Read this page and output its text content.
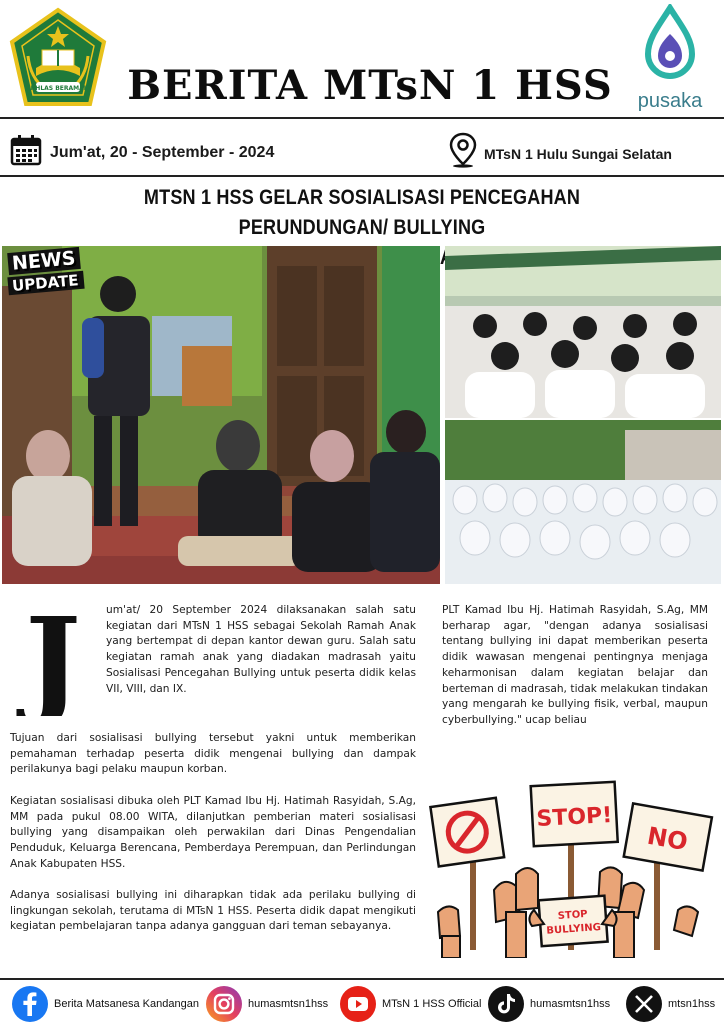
IKHLAS BERAMAL BERITA MTsN 1 HSS	pusaka
Jum'at, 20 - September - 2024	MTsN 1 Hulu Sungai Selatan
MTSN 1 HSS GELAR SOSIALISASI PENCEGAHAN PERUNDUNGAN/ BULLYING
NEWS
UPDATE
J um'at/ 20 September 2024 dilaksanakan salah satu kegiatan dari MTsN 1 HSS sebagai Sekolah Ramah Anak yang bertempat di depan kantor dewan guru. Salah satu kegiatan ramah anak yang diadakan madrasah yaitu Sosialisasi Pencegahan Bullying untuk peserta didik kelas VII, VIII, dan IX.

Tujuan dari sosialisasi bullying tersebut yakni untuk memberikan pemahaman terhadap peserta didik mengenai bullying dan dampak perilakunya bagi pelaku maupun korban.

Kegiatan sosialisasi dibuka oleh PLT Kamad Ibu Hj. Hatimah Rasyidah, S.Ag, MM pada pukul 08.00 WITA, dilanjutkan pemberian materi sosialisasi bullying yang disampaikan oleh perwakilan dari Dinas Pengendalian Penduduk, Keluarga Berencana, Pemberdaya Perempuan, dan Perlindungan Anak Kabupaten HSS.

Adanya sosialisasi bullying ini diharapkan tidak ada perilaku bullying di lingkungan sekolah, terutama di MTsN 1 HSS. Peserta didik dapat mengikuti kegiatan pembelajaran tanpa adanya gangguan dari teman sebayanya.

PLT Kamad Ibu Hj. Hatimah Rasyidah, S.Ag, MM berharap agar, "dengan adanya sosialisasi tentang bullying ini dapat memberikan peserta didik wawasan mengenai pentingnya menjaga keharmonisan dalam kegiatan belajar dan berteman di madrasah, tidak melakukan tindakan yang mengarah ke bullying fisik, verbal, maupun cyberbullying." ucap beliau

STOP!
NO
STOP
BULLYING
Berita Matsanesa Kandangan	humasmtsn1hss	MTsN 1 HSS Official	humasmtsn1hss	mtsn1hss
